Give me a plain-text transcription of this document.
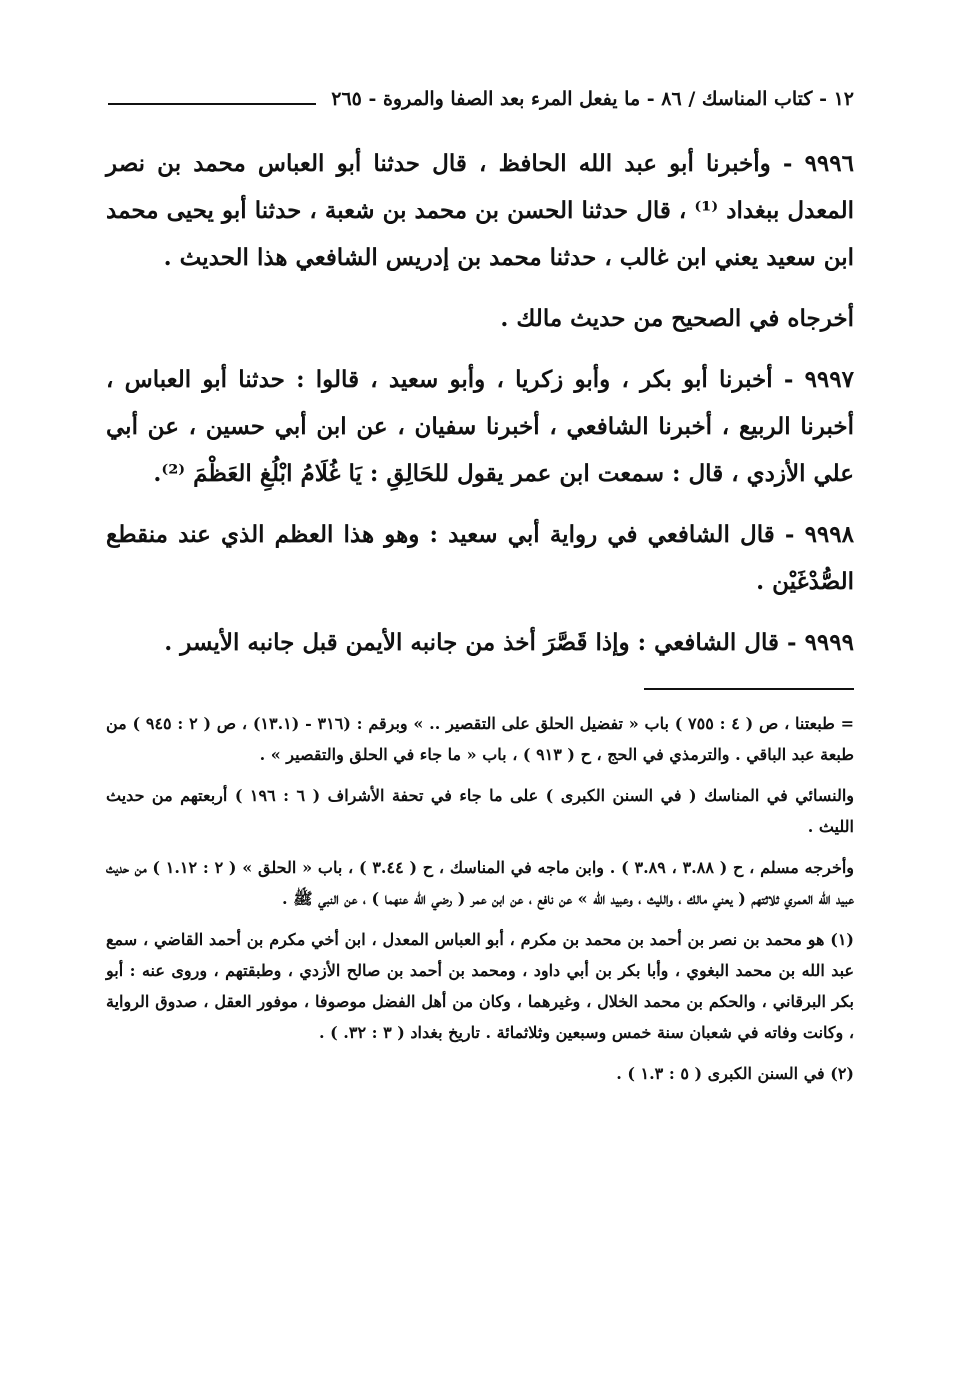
١٢ - كتاب المناسك / ٨٦ - ما يفعل المرء بعد الصفا والمروة - ٢٦٥

٩٩٩٦ - وأخبرنا أبو عبد الله الحافظ ، قال حدثنا أبو العباس محمد بن نصر المعدل ببغداد ⁽¹⁾ ، قال حدثنا الحسن بن محمد بن شعبة ، حدثنا أبو يحيى محمد ابن سعيد يعني ابن غالب ، حدثنا محمد بن إدريس الشافعي هذا الحديث .

أخرجاه في الصحيح من حديث مالك .

٩٩٩٧ - أخبرنا أبو بكر ، وأبو زكريا ، وأبو سعيد ، قالوا : حدثنا أبو العباس ، أخبرنا الربيع ، أخبرنا الشافعي ، أخبرنا سفيان ، عن ابن أبي حسين ، عن أبي علي الأزدي ، قال : سمعت ابن عمر يقول للحَالِقِ : يَا غُلَامُ ابْلُغِ العَظْمَ ⁽²⁾.

٩٩٩٨ - قال الشافعي في رواية أبي سعيد : وهو هذا العظم الذي عند منقطع الصُّدْغَيْن .

٩٩٩٩ - قال الشافعي : وإذا قَصَّرَ أخذ من جانبه الأيمن قبل جانبه الأيسر .

= طبعتنا ، ص ( ٤ : ٧٥٥ ) باب « تفضيل الحلق على التقصير .. » وبرقم : (٣١٦ - (١٣.١) ، ص ( ٢ : ٩٤٥ ) من طبعة عبد الباقي . والترمذي في الحج ، ح ( ٩١٣ ) ، باب « ما جاء في الحلق والتقصير » .

والنسائي في المناسك ( في السنن الكبرى ) على ما جاء في تحفة الأشراف ( ٦ : ١٩٦ ) أربعتهم من حديث الليث .

وأخرجه مسلم ، ح ( ٣.٨٨ ، ٣.٨٩ ) . وابن ماجه في المناسك ، ح ( ٣.٤٤ ) ، باب « الحلق » ( ٢ : ١.١٢ ) من حديث عبيد الله العمري ثلاثتهم ( يعني مالك ، والليث ، وعبيد الله » عن نافع ، عن ابن عمر ( رضي الله عنهما ) ، عن النبي ﷺ .

(١) هو محمد بن نصر بن أحمد بن محمد بن مكرم ، أبو العباس المعدل ، ابن أخي مكرم بن أحمد القاضي ، سمع عبد الله بن محمد البغوي ، وأبا بكر بن أبي داود ، ومحمد بن أحمد بن صالح الأزدي ، وطبقتهم ، وروى عنه : أبو بكر البرقاني ، والحكم بن محمد الخلال ، وغيرهما ، وكان من أهل الفضل موصوفا ، موفور العقل ، صدوق الرواية ، وكانت وفاته في شعبان سنة خمس وسبعين وثلاثمائة . تاريخ بغداد ( ٣ : ٣٢. ) .

(٢) في السنن الكبرى ( ٥ : ١.٣ ) .
